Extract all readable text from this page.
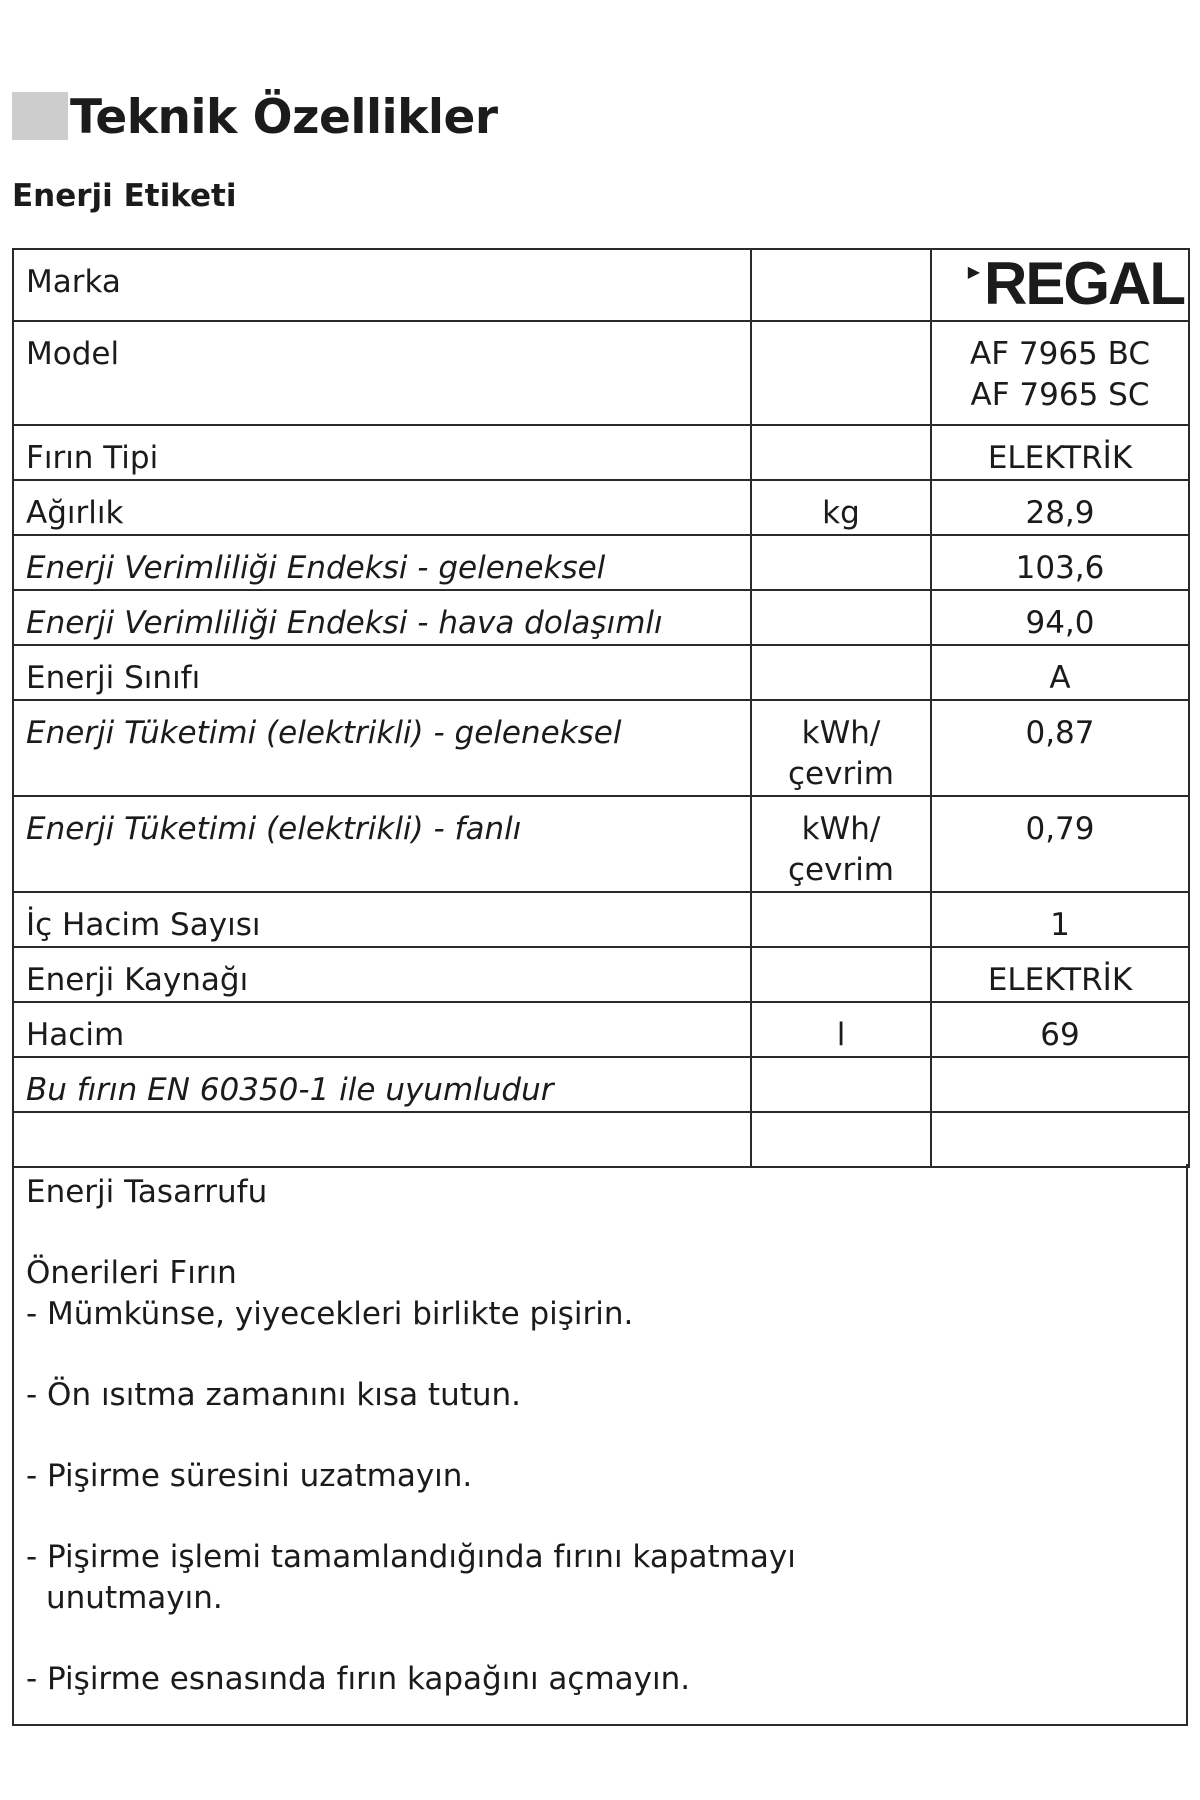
Teknik Özellikler
Enerji Etiketi
Marka		▶ REGAL

Model		AF 7965 BC
AF 7965 SC

Fırın Tipi		ELEKTRİK
Ağırlık	kg	28,9
Enerji Verimliliği Endeksi - geleneksel		103,6
Enerji Verimliliği Endeksi - hava dolaşımlı		94,0
Enerji Sınıfı		A
Enerji Tüketimi (elektrikli) - geleneksel	kWh/
çevrim	0,87
Enerji Tüketimi (elektrikli) - fanlı	kWh/
çevrim	0,79
İç Hacim Sayısı		1
Enerji Kaynağı		ELEKTRİK
Hacim	l	69
Bu fırın EN 60350-1 ile uyumludur		

Enerji Tasarrufu
Önerileri Fırın
- Mümkünse, yiyecekleri birlikte pişirin.
- Ön ısıtma zamanını kısa tutun.
- Pişirme süresini uzatmayın.
- Pişirme işlemi tamamlandığında fırını kapatmayı
unutmayın.
- Pişirme esnasında fırın kapağını açmayın.
